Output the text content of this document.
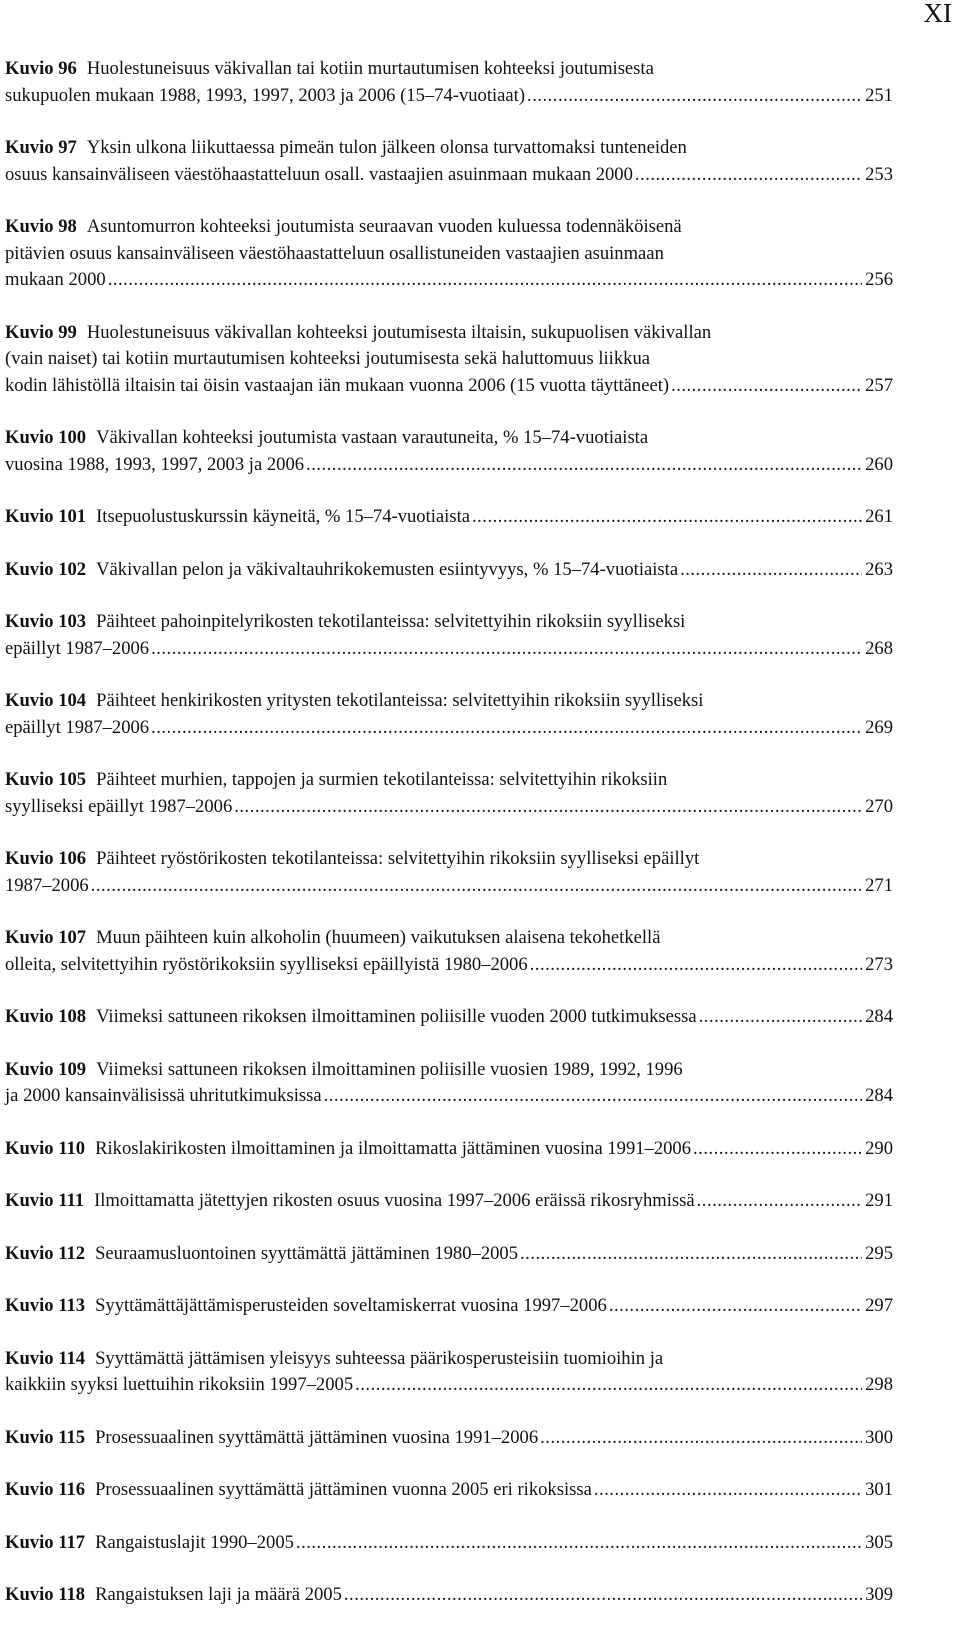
XI
Kuvio 96 Huolestuneisuus väkivallan tai kotiin murtautumisen kohteeksi joutumisesta
sukupuolen mukaan 1988, 1993, 1997, 2003 ja 2006 (15–74-vuotiaat) .....	251
Kuvio 97 Yksin ulkona liikuttaessa pimeän tulon jälkeen olonsa turvattomaksi tunteneiden
osuus kansainväliseen väestöhaastatteluun osall. vastaajien asuinmaan mukaan 2000 .....	253
Kuvio 98 Asuntomurron kohteeksi joutumista seuraavan vuoden kuluessa todennäköisenä
pitävien osuus kansainväliseen väestöhaastatteluun osallistuneiden vastaajien asuinmaan
mukaan 2000 .....	256
Kuvio 99 Huolestuneisuus väkivallan kohteeksi joutumisesta iltaisin, sukupuolisen väkivallan
(vain naiset) tai kotiin murtautumisen kohteeksi joutumisesta sekä haluttomuus liikkua
kodin lähistöllä iltaisin tai öisin vastaajan iän mukaan vuonna 2006 (15 vuotta täyttäneet) .....	257
Kuvio 100 Väkivallan kohteeksi joutumista vastaan varautuneita, % 15–74-vuotiaista
vuosina 1988, 1993, 1997, 2003 ja 2006 .....	260
Kuvio 101 Itsepuolustuskurssin käyneitä, % 15–74-vuotiaista .....	261
Kuvio 102 Väkivallan pelon ja väkivaltauhrikokemusten esiintyvyys, % 15–74-vuotiaista .....	263
Kuvio 103 Päihteet pahoinpitelyrikosten tekotilanteissa: selvitettyihin rikoksiin syylliseksi
epäillyt 1987–2006 .....	268
Kuvio 104 Päihteet henkirikosten yritysten tekotilanteissa: selvitettyihin rikoksiin syylliseksi
epäillyt 1987–2006 .....	269
Kuvio 105 Päihteet murhien, tappojen ja surmien tekotilanteissa: selvitettyihin rikoksiin
syylliseksi epäillyt 1987–2006 .....	270
Kuvio 106 Päihteet ryöstörikosten tekotilanteissa: selvitettyihin rikoksiin syylliseksi epäillyt
1987–2006 .....	271
Kuvio 107 Muun päihteen kuin alkoholin (huumeen) vaikutuksen alaisena tekohetkellä
olleita, selvitettyihin ryöstörikoksiin syylliseksi epäillyistä 1980–2006 .....	273
Kuvio 108 Viimeksi sattuneen rikoksen ilmoittaminen poliisille vuoden 2000 tutkimuksessa .....	284
Kuvio 109 Viimeksi sattuneen rikoksen ilmoittaminen poliisille vuosien 1989, 1992, 1996
ja 2000 kansainvälisissä uhritutkimuksissa .....	284
Kuvio 110 Rikoslakirikosten ilmoittaminen ja ilmoittamatta jättäminen vuosina 1991–2006 .....	290
Kuvio 111 Ilmoittamatta jätettyjen rikosten osuus vuosina 1997–2006 eräissä rikosryhmissä .....	291
Kuvio 112 Seuraamusluontoinen syyttämättä jättäminen 1980–2005 .....	295
Kuvio 113 Syyttämättäjättämisperusteiden soveltamiskerrat vuosina 1997–2006 .....	297
Kuvio 114 Syyttämättä jättämisen yleisyys suhteessa päärikosperusteisiin tuomioihin ja
kaikkiin syyksi luettuihin rikoksiin 1997–2005 .....	298
Kuvio 115 Prosessuaalinen syyttämättä jättäminen vuosina 1991–2006 .....	300
Kuvio 116 Prosessuaalinen syyttämättä jättäminen vuonna 2005 eri rikoksissa .....	301
Kuvio 117 Rangaistuslajit 1990–2005 .....	305
Kuvio 118 Rangaistuksen laji ja määrä 2005 .....	309
